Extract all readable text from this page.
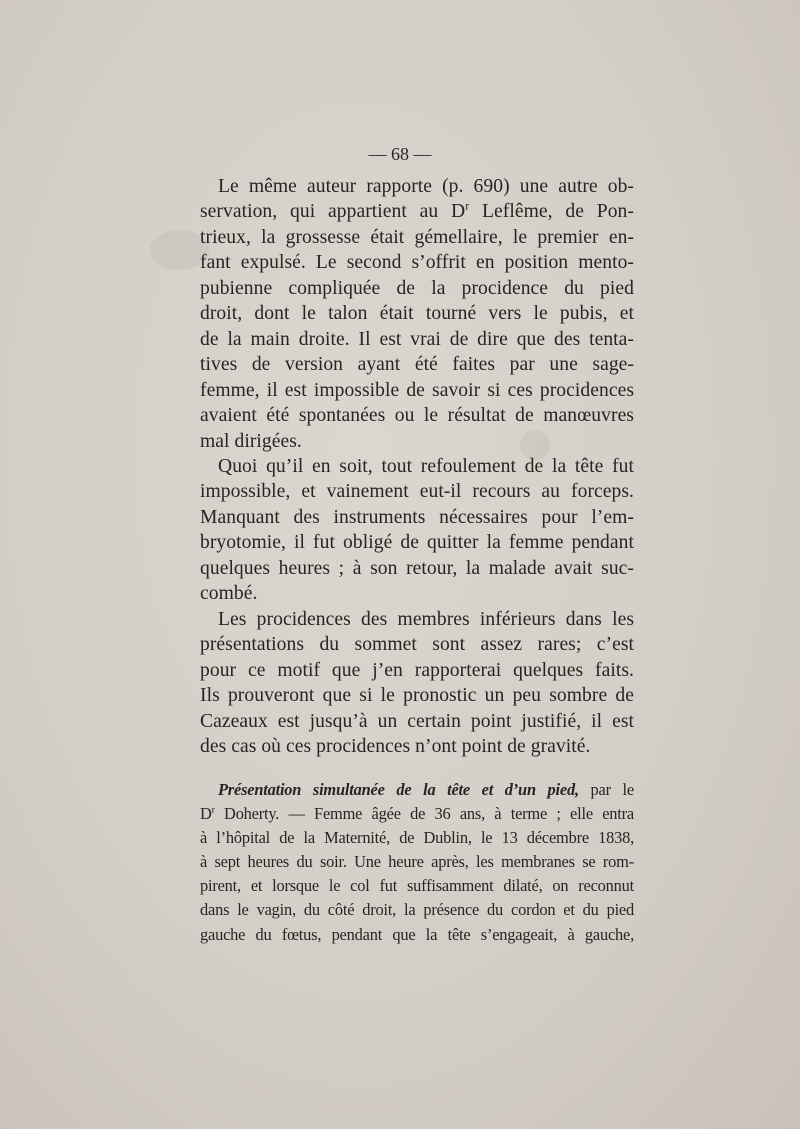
— 68 —
Le même auteur rapporte (p. 690) une autre ob-
servation, qui appartient au $D^r$ Leflême, de Pon-
trieux, la grossesse était gémellaire, le premier en-
fant expulsé. Le second s’offrit en position mento-
pubienne compliquée de la procidence du pied
droit, dont le talon était tourné vers le pubis, et
de la main droite. Il est vrai de dire que des tenta-
tives de version ayant été faites par une sage-
femme, il est impossible de savoir si ces procidences
avaient été spontanées ou le résultat de manœuvres
mal dirigées.
Quoi qu’il en soit, tout refoulement de la tête fut
impossible, et vainement eut-il recours au forceps.
Manquant des instruments nécessaires pour l’em-
bryotomie, il fut obligé de quitter la femme pendant
quelques heures ; à son retour, la malade avait suc-
combé.
Les procidences des membres inférieurs dans les
présentations du sommet sont assez rares; c’est
pour ce motif que j’en rapporterai quelques faits.
Ils prouveront que si le pronostic un peu sombre de
Cazeaux est jusqu’à un certain point justifié, il est
des cas où ces procidences n’ont point de gravité.
Présentation simultanée de la tête et d’un pied, par le
$D^r$ Doherty. — Femme âgée de 36 ans, à terme ; elle entra
à l’hôpital de la Maternité, de Dublin, le 13 décembre 1838,
à sept heures du soir. Une heure après, les membranes se rom-
pirent, et lorsque le col fut suffisamment dilaté, on reconnut
dans le vagin, du côté droit, la présence du cordon et du pied
gauche du fœtus, pendant que la tête s’engageait, à gauche,
